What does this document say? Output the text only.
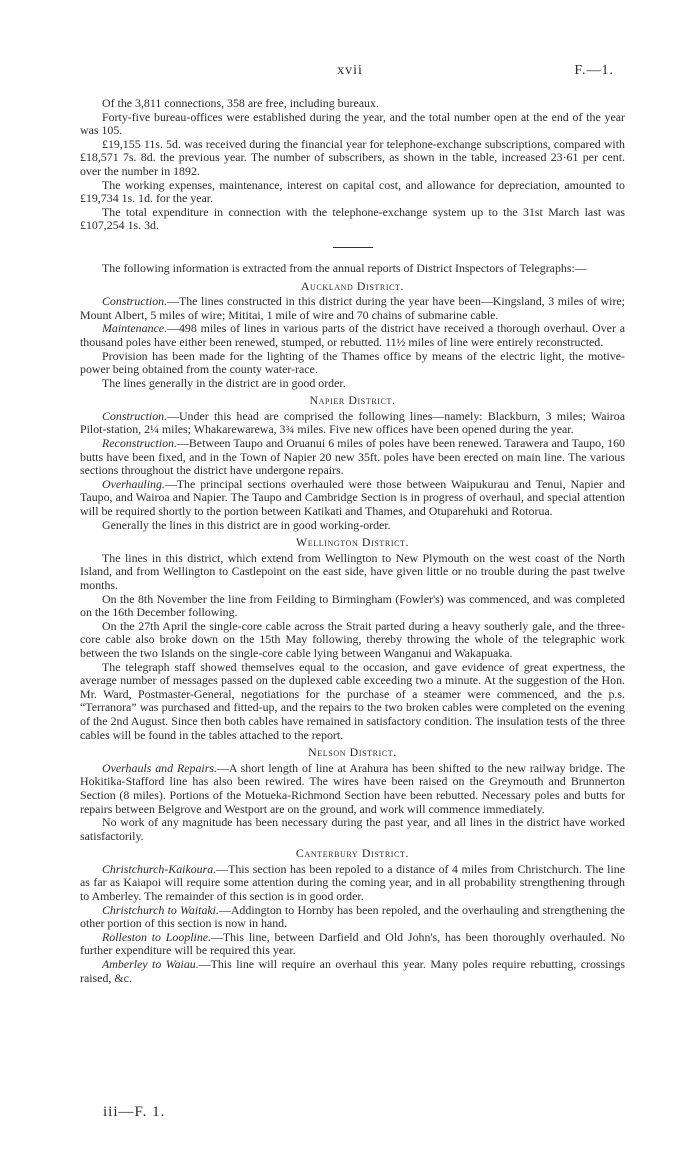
xvii	F.—1.

Of the 3,811 connections, 358 are free, including bureaux.

Forty-five bureau-offices were established during the year, and the total number open at the end of the year was 105.

£19,155 11s. 5d. was received during the financial year for telephone-exchange subscriptions, compared with £18,571 7s. 8d. the previous year. The number of subscribers, as shown in the table, increased 23·61 per cent. over the number in 1892.

The working expenses, maintenance, interest on capital cost, and allowance for depreciation, amounted to £19,734 1s. 1d. for the year.

The total expenditure in connection with the telephone-exchange system up to the 31st March last was £107,254 1s. 3d.

The following information is extracted from the annual reports of District Inspectors of Telegraphs:—

Auckland District.

Construction.—The lines constructed in this district during the year have been—Kingsland, 3 miles of wire; Mount Albert, 5 miles of wire; Mititai, 1 mile of wire and 70 chains of submarine cable.

Maintenance.—498 miles of lines in various parts of the district have received a thorough overhaul. Over a thousand poles have either been renewed, stumped, or rebutted. 11½ miles of line were entirely reconstructed.

Provision has been made for the lighting of the Thames office by means of the electric light, the motive-power being obtained from the county water-race.

The lines generally in the district are in good order.

Napier District.

Construction.—Under this head are comprised the following lines—namely: Blackburn, 3 miles; Wairoa Pilot-station, 2¼ miles; Whakarewarewa, 3¾ miles. Five new offices have been opened during the year.

Reconstruction.—Between Taupo and Oruanui 6 miles of poles have been renewed. Tarawera and Taupo, 160 butts have been fixed, and in the Town of Napier 20 new 35ft. poles have been erected on main line. The various sections throughout the district have undergone repairs.

Overhauling.—The principal sections overhauled were those between Waipukurau and Tenui, Napier and Taupo, and Wairoa and Napier. The Taupo and Cambridge Section is in progress of overhaul, and special attention will be required shortly to the portion between Katikati and Thames, and Otuparehuki and Rotorua.

Generally the lines in this district are in good working-order.

Wellington District.

The lines in this district, which extend from Wellington to New Plymouth on the west coast of the North Island, and from Wellington to Castlepoint on the east side, have given little or no trouble during the past twelve months.

On the 8th November the line from Feilding to Birmingham (Fowler's) was commenced, and was completed on the 16th December following.

On the 27th April the single-core cable across the Strait parted during a heavy southerly gale, and the three-core cable also broke down on the 15th May following, thereby throwing the whole of the telegraphic work between the two Islands on the single-core cable lying between Wanganui and Wakapuaka.

The telegraph staff showed themselves equal to the occasion, and gave evidence of great expertness, the average number of messages passed on the duplexed cable exceeding two a minute. At the suggestion of the Hon. Mr. Ward, Postmaster-General, negotiations for the purchase of a steamer were commenced, and the p.s. “Terranora” was purchased and fitted-up, and the repairs to the two broken cables were completed on the evening of the 2nd August. Since then both cables have remained in satisfactory condition. The insulation tests of the three cables will be found in the tables attached to the report.

Nelson District.

Overhauls and Repairs.—A short length of line at Arahura has been shifted to the new railway bridge. The Hokitika-Stafford line has also been rewired. The wires have been raised on the Greymouth and Brunnerton Section (8 miles). Portions of the Motueka-Richmond Section have been rebutted. Necessary poles and butts for repairs between Belgrove and Westport are on the ground, and work will commence immediately.

No work of any magnitude has been necessary during the past year, and all lines in the district have worked satisfactorily.

Canterbury District.

Christchurch-Kaikoura.—This section has been repoled to a distance of 4 miles from Christchurch. The line as far as Kaiapoi will require some attention during the coming year, and in all probability strengthening through to Amberley. The remainder of this section is in good order.

Christchurch to Waitaki.—Addington to Hornby has been repoled, and the overhauling and strengthening the other portion of this section is now in hand.

Rolleston to Loopline.—This line, between Darfield and Old John's, has been thoroughly overhauled. No further expenditure will be required this year.

Amberley to Waiau.—This line will require an overhaul this year. Many poles require rebutting, crossings raised, &c.

iii—F. 1.
